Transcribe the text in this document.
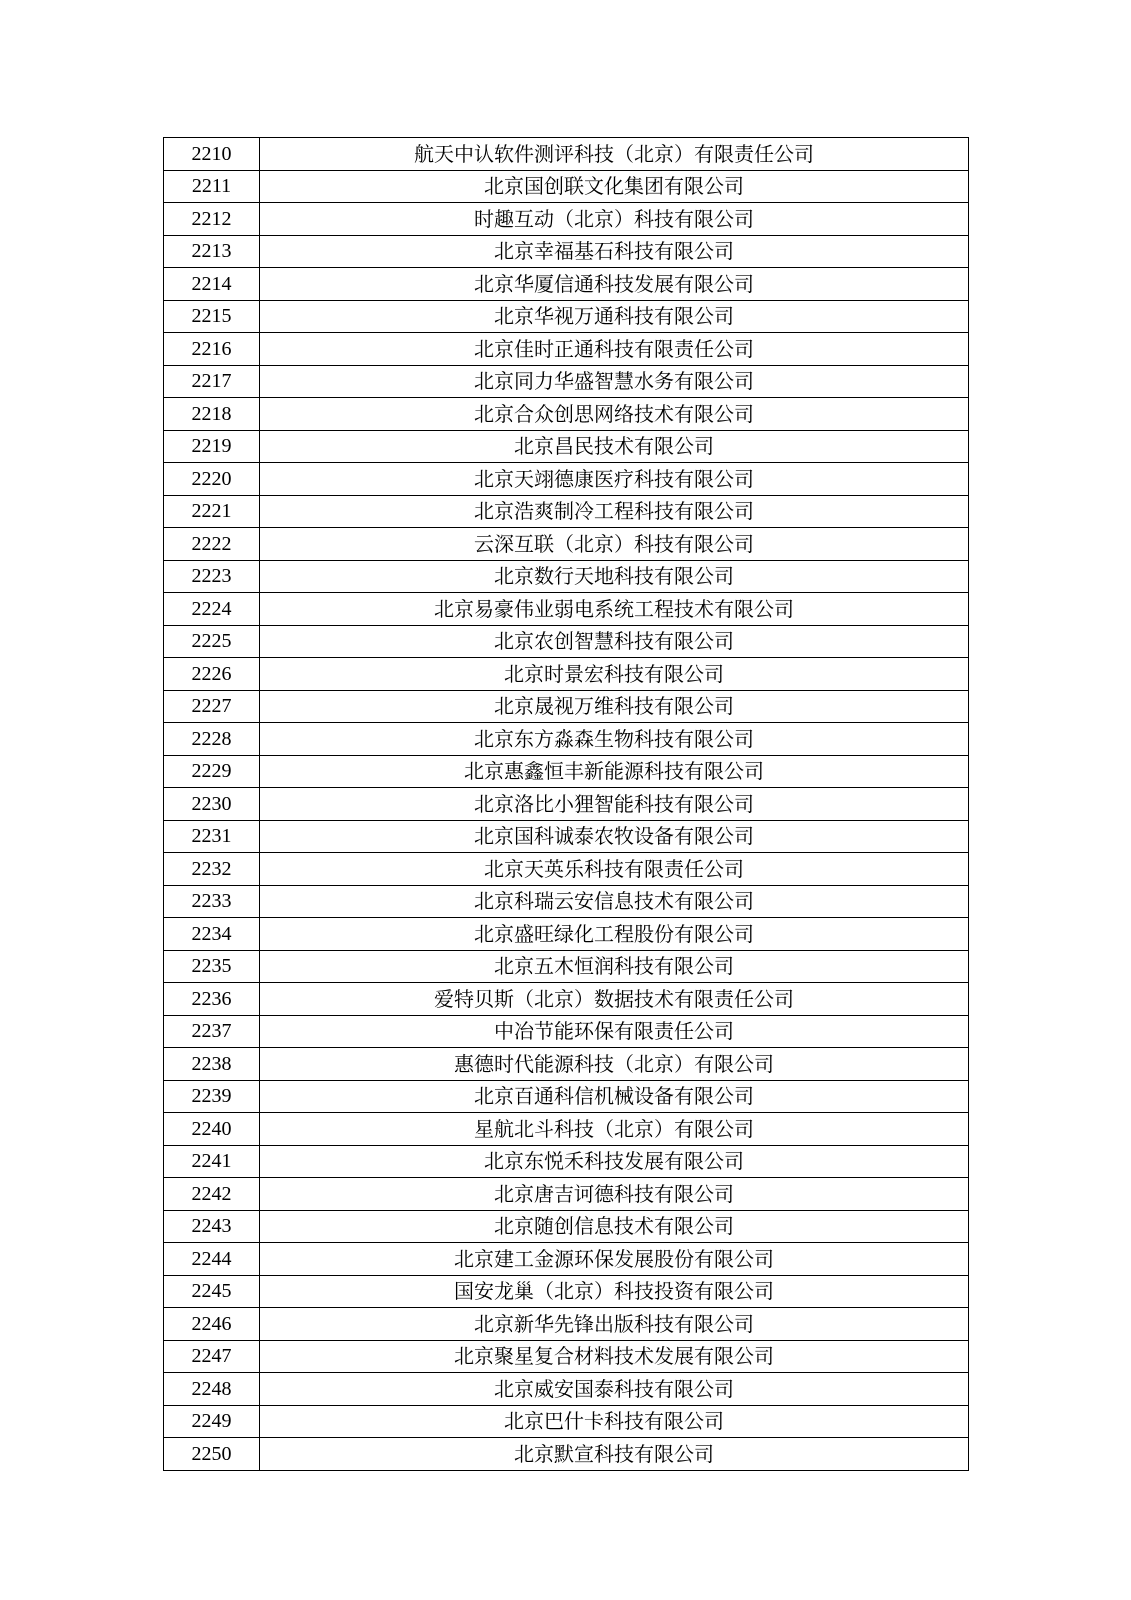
2210	航天中认软件测评科技（北京）有限责任公司
2211	北京国创联文化集团有限公司
2212	时趣互动（北京）科技有限公司
2213	北京幸福基石科技有限公司
2214	北京华厦信通科技发展有限公司
2215	北京华视万通科技有限公司
2216	北京佳时正通科技有限责任公司
2217	北京同力华盛智慧水务有限公司
2218	北京合众创思网络技术有限公司
2219	北京昌民技术有限公司
2220	北京天翊德康医疗科技有限公司
2221	北京浩爽制冷工程科技有限公司
2222	云深互联（北京）科技有限公司
2223	北京数行天地科技有限公司
2224	北京易豪伟业弱电系统工程技术有限公司
2225	北京农创智慧科技有限公司
2226	北京时景宏科技有限公司
2227	北京晟视万维科技有限公司
2228	北京东方淼森生物科技有限公司
2229	北京惠鑫恒丰新能源科技有限公司
2230	北京洛比小狸智能科技有限公司
2231	北京国科诚泰农牧设备有限公司
2232	北京天英乐科技有限责任公司
2233	北京科瑞云安信息技术有限公司
2234	北京盛旺绿化工程股份有限公司
2235	北京五木恒润科技有限公司
2236	爱特贝斯（北京）数据技术有限责任公司
2237	中冶节能环保有限责任公司
2238	惠德时代能源科技（北京）有限公司
2239	北京百通科信机械设备有限公司
2240	星航北斗科技（北京）有限公司
2241	北京东悦禾科技发展有限公司
2242	北京唐吉诃德科技有限公司
2243	北京随创信息技术有限公司
2244	北京建工金源环保发展股份有限公司
2245	国安龙巢（北京）科技投资有限公司
2246	北京新华先锋出版科技有限公司
2247	北京聚星复合材料技术发展有限公司
2248	北京威安国泰科技有限公司
2249	北京巴什卡科技有限公司
2250	北京默宣科技有限公司
